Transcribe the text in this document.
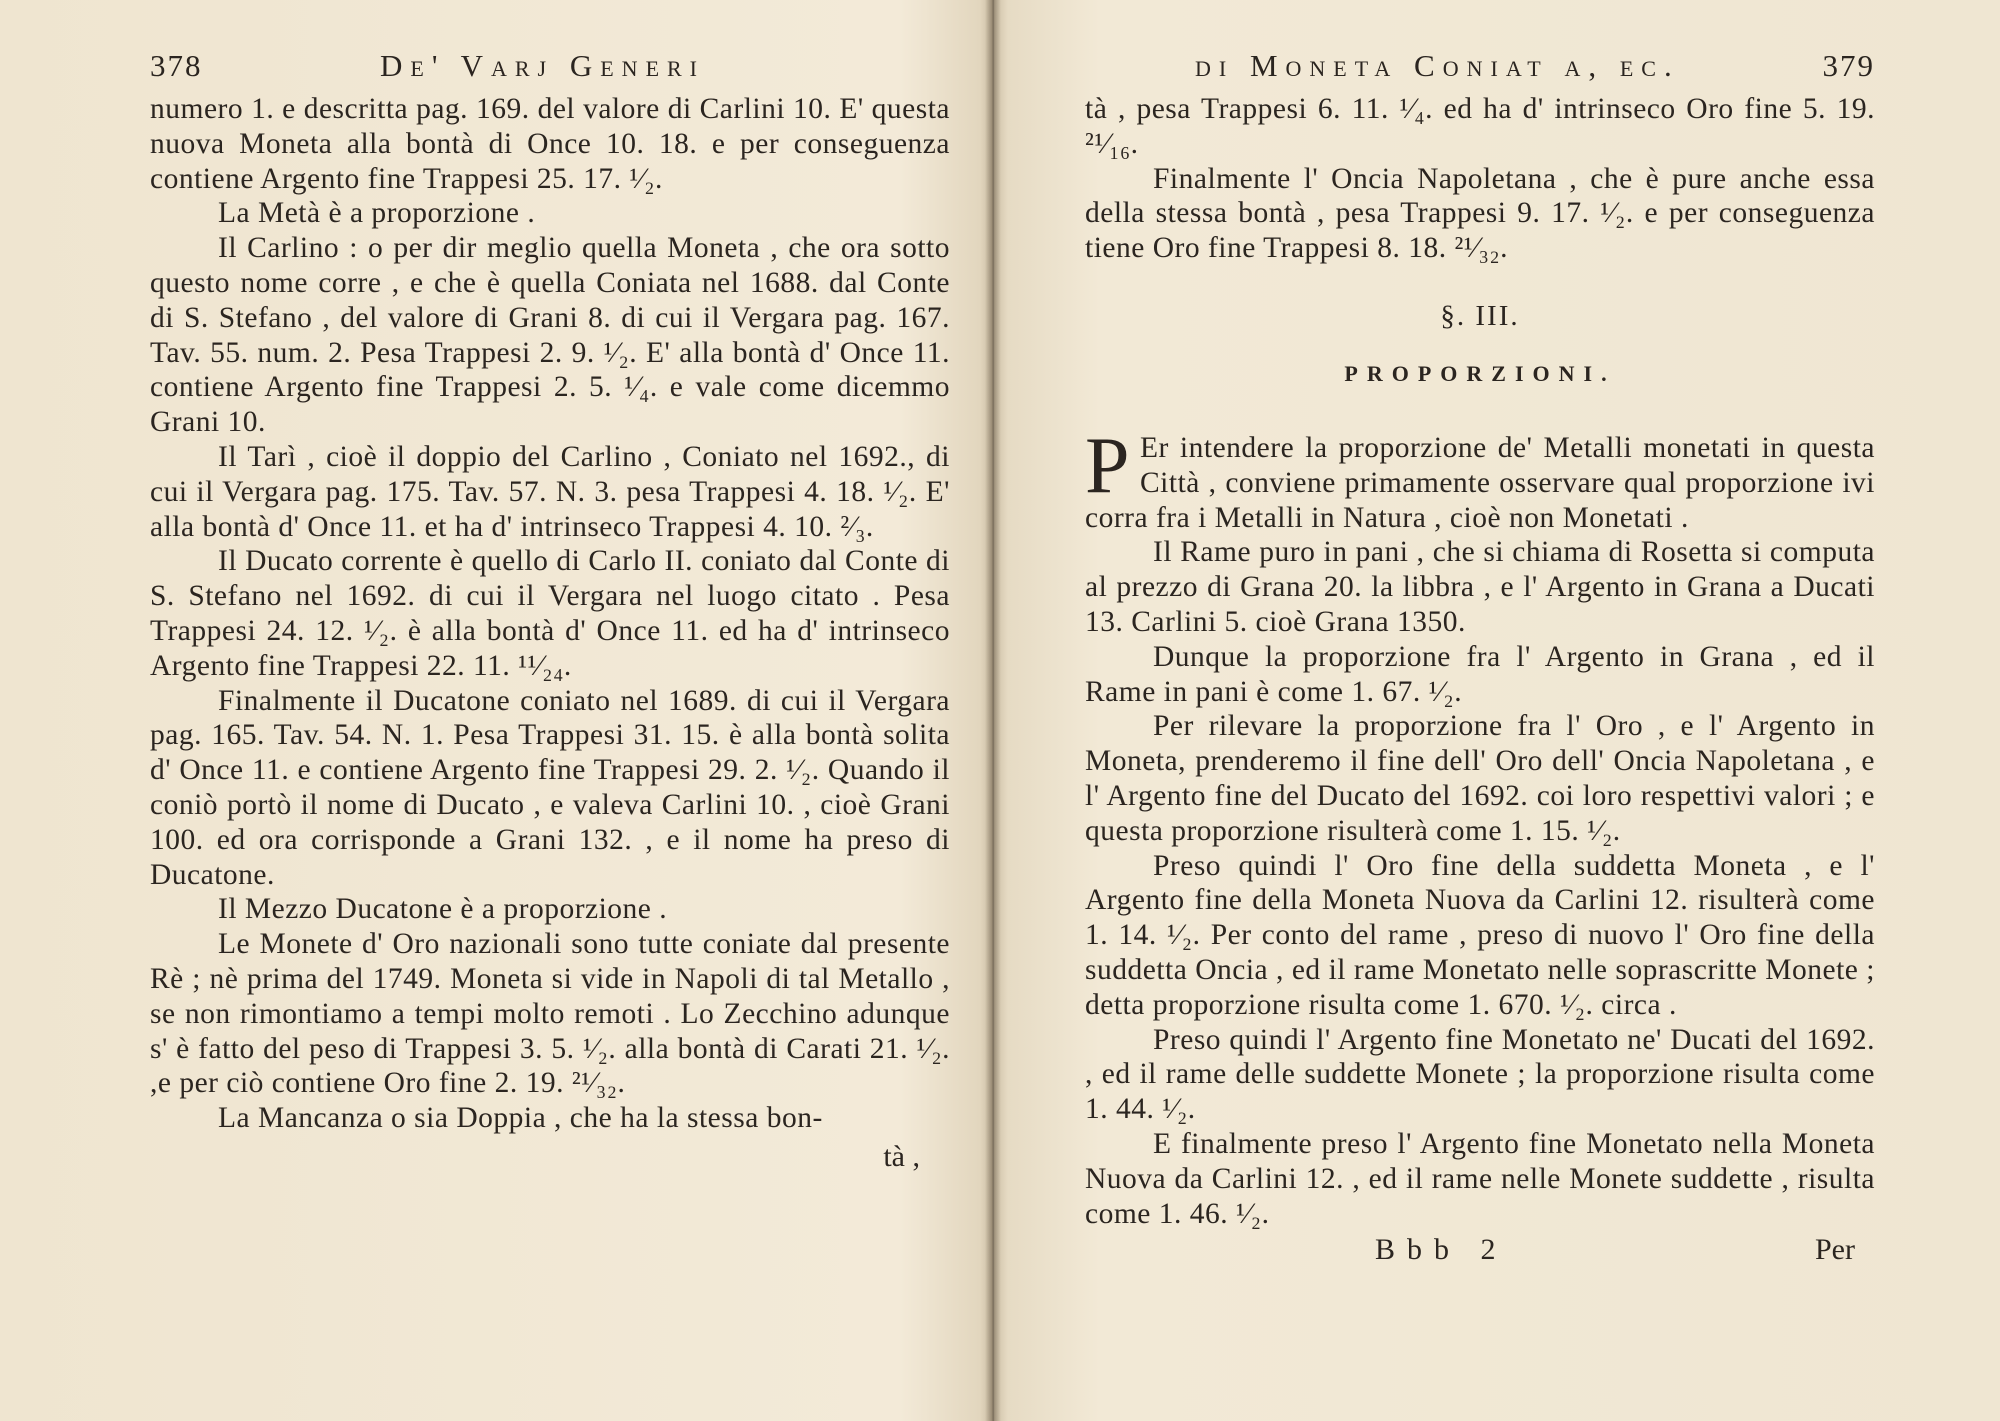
378	De' Varj Generi

numero 1. e descritta pag. 169. del valore di Carlini 10. E' questa nuova Moneta alla bontà di Once 10. 18. e per conseguenza contiene Argento fine Trappesi 25. 17. ¹⁄₂.

La Metà è a proporzione .

Il Carlino : o per dir meglio quella Moneta , che ora sotto questo nome corre , e che è quella Coniata nel 1688. dal Conte di S. Stefano , del valore di Grani 8. di cui il Vergara pag. 167. Tav. 55. num. 2. Pesa Trappesi 2. 9. ¹⁄₂. E' alla bontà d' Once 11. contiene Argento fine Trappesi 2. 5. ¹⁄₄. e vale come dicemmo Grani 10.

Il Tarì , cioè il doppio del Carlino , Coniato nel 1692., di cui il Vergara pag. 175. Tav. 57. N. 3. pesa Trappesi 4. 18. ¹⁄₂. E' alla bontà d' Once 11. et ha d' intrinseco Trappesi 4. 10. ²⁄₃.

Il Ducato corrente è quello di Carlo II. coniato dal Conte di S. Stefano nel 1692. di cui il Vergara nel luogo citato . Pesa Trappesi 24. 12. ¹⁄₂. è alla bontà d' Once 11. ed ha d' intrinseco Argento fine Trappesi 22. 11. ¹¹⁄₂₄.

Finalmente il Ducatone coniato nel 1689. di cui il Vergara pag. 165. Tav. 54. N. 1. Pesa Trappesi 31. 15. è alla bontà solita d' Once 11. e contiene Argento fine Trappesi 29. 2. ¹⁄₂. Quando il coniò portò il nome di Ducato , e valeva Carlini 10. , cioè Grani 100. ed ora corrisponde a Grani 132. , e il nome ha preso di Ducatone.

Il Mezzo Ducatone è a proporzione .

Le Monete d' Oro nazionali sono tutte coniate dal presente Rè ; nè prima del 1749. Moneta si vide in Napoli di tal Metallo , se non rimontiamo a tempi molto remoti . Lo Zecchino adunque s' è fatto del peso di Trappesi 3. 5. ¹⁄₂. alla bontà di Carati 21. ¹⁄₂. ,e per ciò contiene Oro fine 2. 19. ²¹⁄₃₂.

La Mancanza o sia Doppia , che ha la stessa bon-

tà ,
di Moneta Coniat a, ec.	379

tà , pesa Trappesi 6. 11. ¹⁄₄. ed ha d' intrinseco Oro fine 5. 19. ²¹⁄₁₆.

Finalmente l' Oncia Napoletana , che è pure anche essa della stessa bontà , pesa Trappesi 9. 17. ¹⁄₂. e per conseguenza tiene Oro fine Trappesi 8. 18. ²¹⁄₃₂.

§. III.
PROPORZIONI.

P Er intendere la proporzione de' Metalli monetati in questa Città , conviene primamente osservare qual proporzione ivi corra fra i Metalli in Natura , cioè non Monetati .

Il Rame puro in pani , che si chiama di Rosetta si computa al prezzo di Grana 20. la libbra , e l' Argento in Grana a Ducati 13. Carlini 5. cioè Grana 1350.

Dunque la proporzione fra l' Argento in Grana , ed il Rame in pani è come 1. 67. ¹⁄₂.

Per rilevare la proporzione fra l' Oro , e l' Argento in Moneta, prenderemo il fine dell' Oro dell' Oncia Napoletana , e l' Argento fine del Ducato del 1692. coi loro respettivi valori ; e questa proporzione risulterà come 1. 15. ¹⁄₂.

Preso quindi l' Oro fine della suddetta Moneta , e l' Argento fine della Moneta Nuova da Carlini 12. risulterà come 1. 14. ¹⁄₂. Per conto del rame , preso di nuovo l' Oro fine della suddetta Oncia , ed il rame Monetato nelle soprascritte Monete ; detta proporzione risulta come 1. 670. ¹⁄₂. circa .

Preso quindi l' Argento fine Monetato ne' Ducati del 1692. , ed il rame delle suddette Monete ; la proporzione risulta come 1. 44. ¹⁄₂.

E finalmente preso l' Argento fine Monetato nella Moneta Nuova da Carlini 12. , ed il rame nelle Monete suddette , risulta come 1. 46. ¹⁄₂.

Bbb 2	Per
